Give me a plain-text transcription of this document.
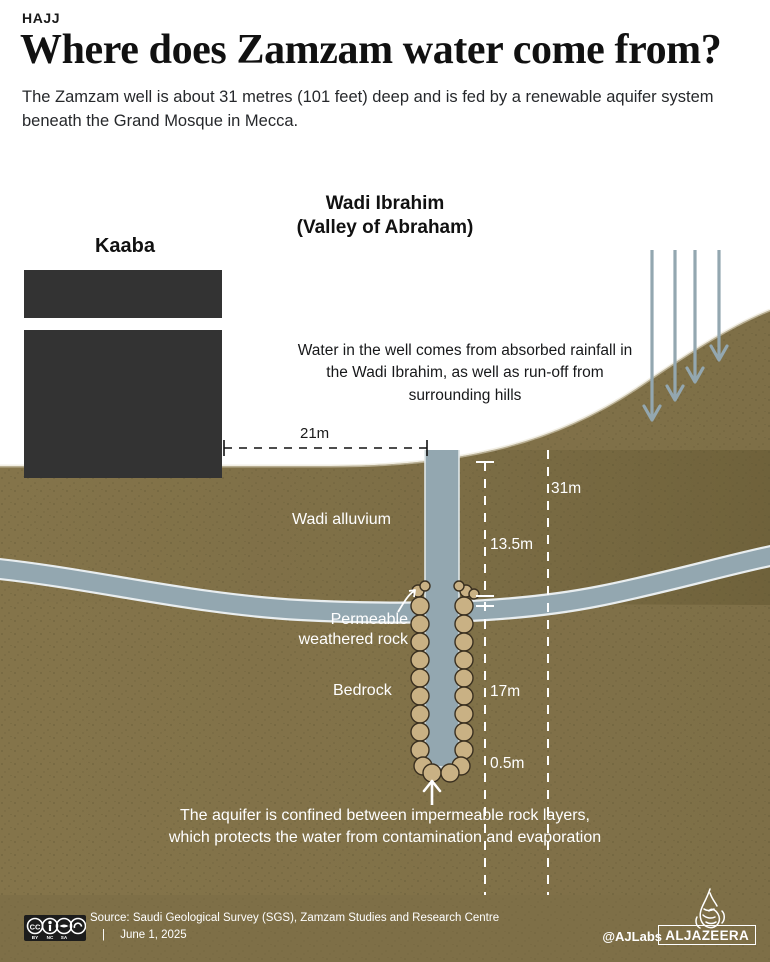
HAJJ
Where does Zamzam water come from?
The Zamzam well is about 31 metres (101 feet) deep and is fed by a renewable aquifer system beneath the Grand Mosque in Mecca.
Kaaba
Wadi Ibrahim
(Valley of Abraham)
Water in the well comes from absorbed rainfall in the Wadi Ibrahim, as well as run-off from surrounding hills
21m
Wadi alluvium
Permeable
weathered rock
Bedrock
13.5m
0.5m
17m
31m
The aquifer is confined between impermeable rock layers, which protects the water from contamination and evaporation
CC
BY NC SA
Source: Saudi Geological Survey (SGS), Zamzam Studies and Research Centre | June 1, 2025	@AJLabs ALJAZEERA
